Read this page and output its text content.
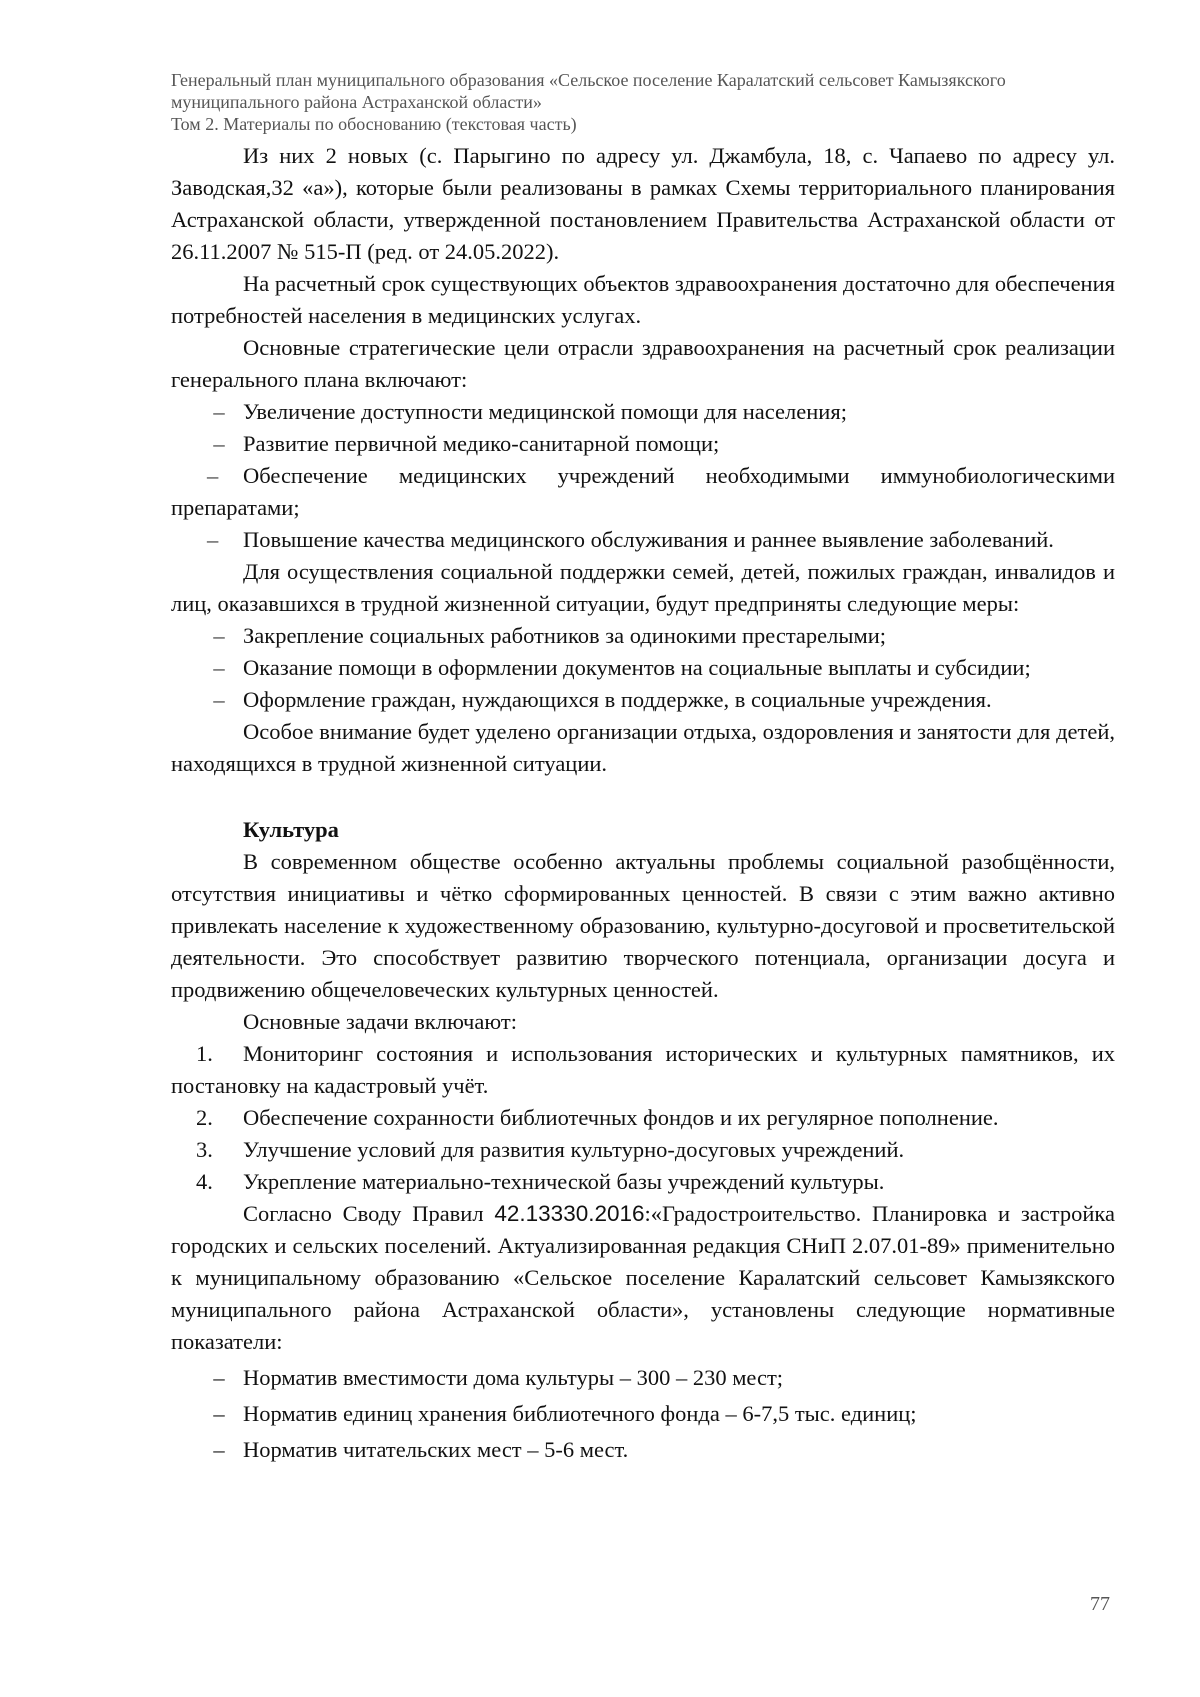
Генеральный план муниципального образования «Сельское поселение Каралатский сельсовет Камызякского
муниципального района Астраханской области»
Том 2. Материалы по обоснованию (текстовая часть)

Из них 2 новых (с. Парыгино по адресу ул. Джамбула, 18, с. Чапаево по адресу ул. Заводская,32 «а»), которые были реализованы в рамках Схемы территориального планирования Астраханской области, утвержденной постановлением Правительства Астраханской области от 26.11.2007 № 515-П (ред. от 24.05.2022).

На расчетный срок существующих объектов здравоохранения достаточно для обеспечения потребностей населения в медицинских услугах.

Основные стратегические цели отрасли здравоохранения на расчетный срок реализации генерального плана включают:

– Увеличение доступности медицинской помощи для населения;

– Развитие первичной медико-санитарной помощи;

– Обеспечение медицинских учреждений необходимыми иммунобиологическими препаратами;

– Повышение качества медицинского обслуживания и раннее выявление заболеваний.

Для осуществления социальной поддержки семей, детей, пожилых граждан, инвалидов и лиц, оказавшихся в трудной жизненной ситуации, будут предприняты следующие меры:

– Закрепление социальных работников за одинокими престарелыми;

– Оказание помощи в оформлении документов на социальные выплаты и субсидии;

– Оформление граждан, нуждающихся в поддержке, в социальные учреждения.

Особое внимание будет уделено организации отдыха, оздоровления и занятости для детей, находящихся в трудной жизненной ситуации.

Культура

В современном обществе особенно актуальны проблемы социальной разобщённости, отсутствия инициативы и чётко сформированных ценностей. В связи с этим важно активно привлекать население к художественному образованию, культурно-досуговой и просветительской деятельности. Это способствует развитию творческого потенциала, организации досуга и продвижению общечеловеческих культурных ценностей.

Основные задачи включают:

1. Мониторинг состояния и использования исторических и культурных памятников, их постановку на кадастровый учёт.

2.	Обеспечение сохранности библиотечных фондов и их регулярное пополнение.

3.	Улучшение условий для развития культурно-досуговых учреждений.

4.	Укрепление материально-технической базы учреждений культуры.

Согласно Своду Правил 42.13330.2016:«Градостроительство. Планировка и застройка городских и сельских поселений. Актуализированная редакция СНиП 2.07.01-89» применительно к муниципальному образованию «Сельское поселение Каралатский сельсовет Камызякского муниципального района Астраханской области», установлены следующие нормативные показатели:

– Норматив вместимости дома культуры – 300 – 230 мест;

– Норматив единиц хранения библиотечного фонда – 6-7,5 тыс. единиц;

– Норматив читательских мест – 5-6 мест.

77
